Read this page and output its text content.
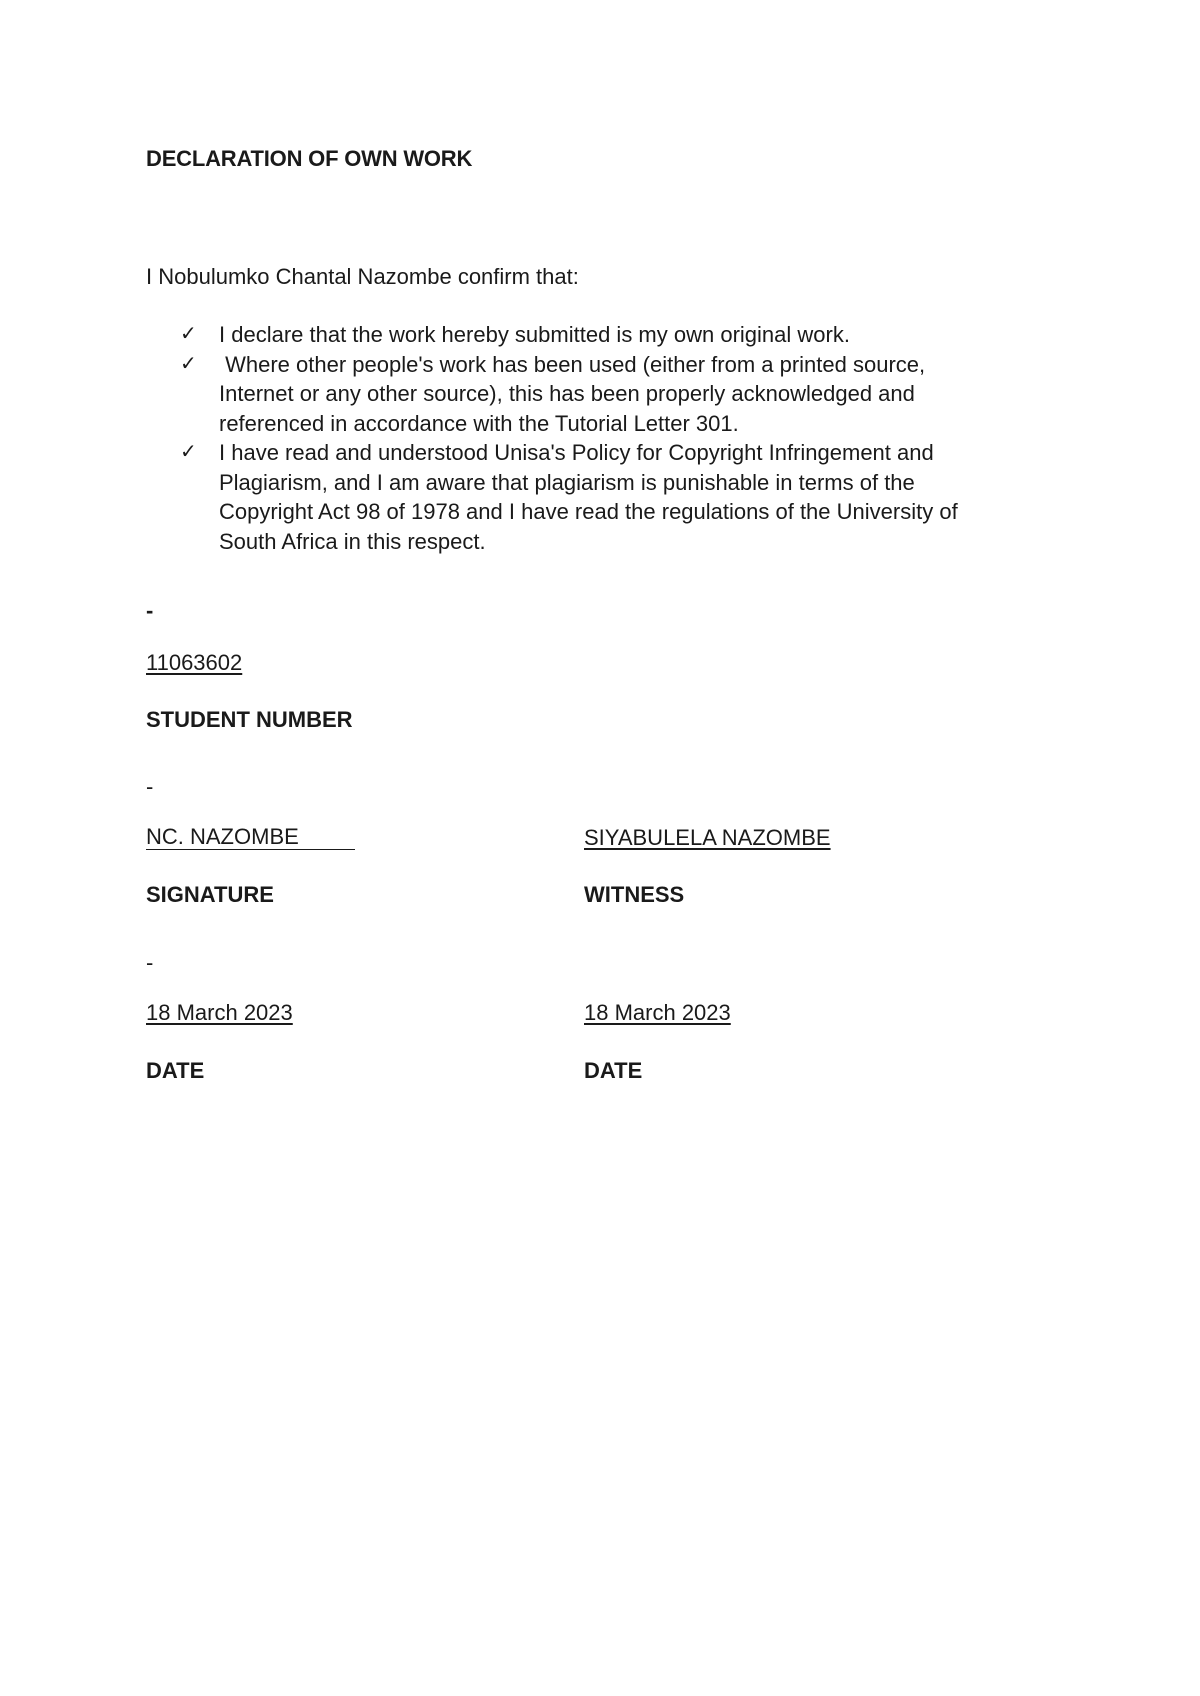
DECLARATION OF OWN WORK
I Nobulumko Chantal Nazombe confirm that:
✓ I declare that the work hereby submitted is my own original work.
✓ Where other people's work has been used (either from a printed source,
Internet or any other source), this has been properly acknowledged and
referenced in accordance with the Tutorial Letter 301.
✓ I have read and understood Unisa's Policy for Copyright Infringement and
Plagiarism, and I am aware that plagiarism is punishable in terms of the
Copyright Act 98 of 1978 and I have read the regulations of the University of
South Africa in this respect.
-
11063602
STUDENT NUMBER
-
NC. NAZOMBE
SIGNATURE
SIYABULELA NAZOMBE
WITNESS
-
18 March 2023
DATE
18 March 2023
DATE
